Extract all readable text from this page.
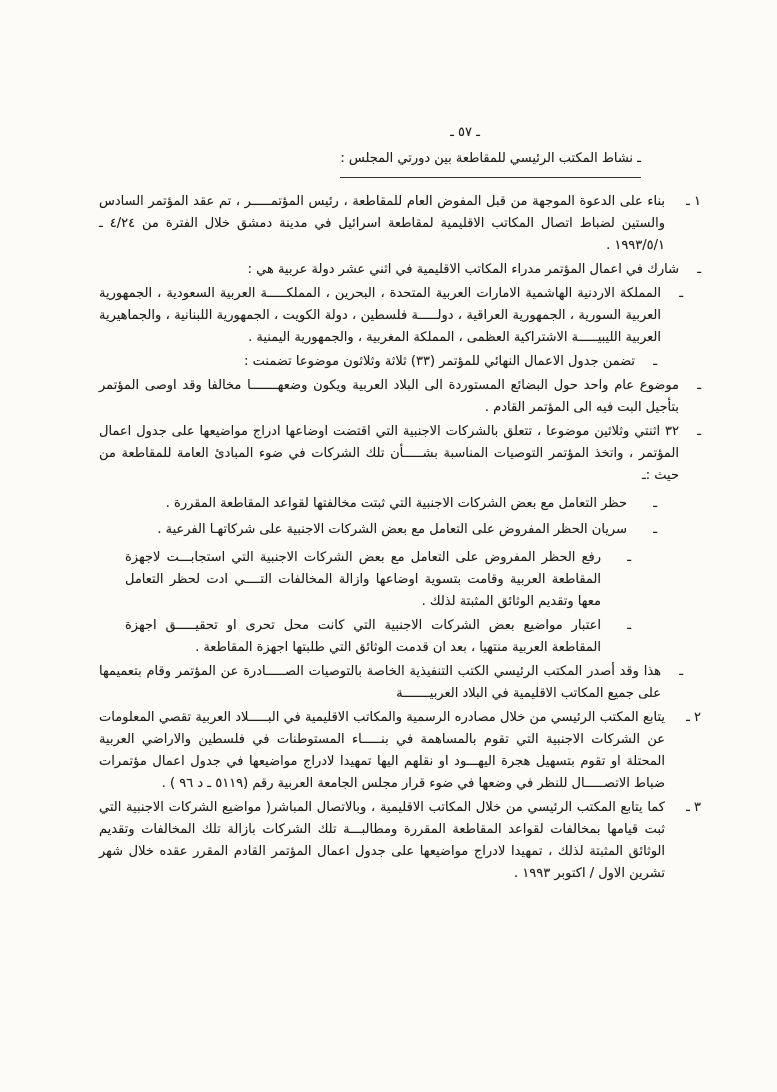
ـ ٥٧ ـ
ـ نشاط المكتب الرئيسي للمقاطعة بين دورتي المجلس :
١ ـ
بناء على الدعوة الموجهة من قبل المفوض العام للمقاطعة ، رئيس المؤتمـــــر ، تم عقد المؤتمر السادس والستين لضباط اتصال المكاتب الاقليمية لمقاطعة اسرائيل في مدينة دمشق خلال الفترة من ٤/٢٤ ـ ١٩٩٣/٥/١ .
ـ
شارك في اعمال المؤتمر مدراء المكاتب الاقليمية في اثني عشر دولة عربية هي :
ـ
المملكة الاردنية الهاشمية الامارات العربية المتحدة ، البحرين ، المملكـــــة العربية السعودية ، الجمهورية العربية السورية ، الجمهورية العراقية ، دولـــــة فلسطين ، دولة الكويت ، الجمهورية اللبنانية ، والجماهيرية العربية الليبيـــــة الاشتراكية العظمى ، المملكة المغربية ، والجمهورية اليمنية .
ـ
تضمن جدول الاعمال النهائي للمؤتمر (٣٣) ثلاثة وثلاثون موضوعا تضمنت :
ـ
موضوع عام واحد حول البضائع المستوردة الى البلاد العربية ويكون وضعهـــــــا مخالفا وقد اوصى المؤتمر بتأجيل البت فيه الى المؤتمر القادم .
ـ
٣٢ اثنتي وثلاثين موضوعا ، تتعلق بالشركات الاجنبية التي اقتضت اوضاعها ادراج مواضيعها على جدول اعمال المؤتمر ، واتخذ المؤتمر التوصيات المناسبة بشـــــأن تلك الشركات في ضوء المبادئ العامة للمقاطعة من حيث :ـ
ـ
حظر التعامل مع بعض الشركات الاجنبية التي ثبتت مخالفتها لقواعد المقاطعة المقررة .
ـ
سريان الحظر المفروض على التعامل مع بعض الشركات الاجنبية على شركاتهـا الفرعية .
ـ
رفع الحظر المفروض على التعامل مع بعض الشركات الاجنبية التي استجابـــت لاجهزة المقاطعة العربية وقامت بتسوية اوضاعها وازالة المخالفات التــــي ادت لحظر التعامل معها وتقديم الوثائق المثبتة لذلك .
ـ
اعتبار مواضيع بعض الشركات الاجنبية التي كانت محل تحرى او تحقيـــــق اجهزة المقاطعة العربية منتهيا ، بعد ان قدمت الوثائق التي طلبتها اجهزة المقاطعة .
ـ
هذا وقد أصدر المكتب الرئيسي الكتب التنفيذية الخاصة بالتوصيات الصـــــادرة عن المؤتمر وقام بتعميمها على جميع المكاتب الاقليمية في البلاد العربيـــــــة
٢ ـ
يتابع المكتب الرئيسي من خلال مصادره الرسمية والمكاتب الاقليمية في البـــــلاد العربية تقصي المعلومات عن الشركات الاجنبية التي تقوم بالمساهمة في بنـــــاء المستوطنات في فلسطين والاراضي العربية المحتلة او تقوم بتسهيل هجرة اليهـــود او نقلهم اليها تمهيدا لادراج مواضيعها في جدول اعمال مؤتمرات ضباط الاتصـــــال للنظر في وضعها في ضوء قرار مجلس الجامعة العربية رقم (٥١١٩ ـ د ٩٦ ) .
٣ ـ
كما يتابع المكتب الرئيسي من خلال المكاتب الاقليمية ، وبالاتصال المباشر( مواضيع الشركات الاجنبية التي ثبت قيامها بمخالفات لقواعد المقاطعة المقررة ومطالبـــة تلك الشركات بازالة تلك المخالفات وتقديم الوثائق المثبتة لذلك ، تمهيدا لادراج مواضيعها على جدول اعمال المؤتمر القادم المقرر عقده خلال شهر تشرين الاول / اكتوبر ١٩٩٣ .
